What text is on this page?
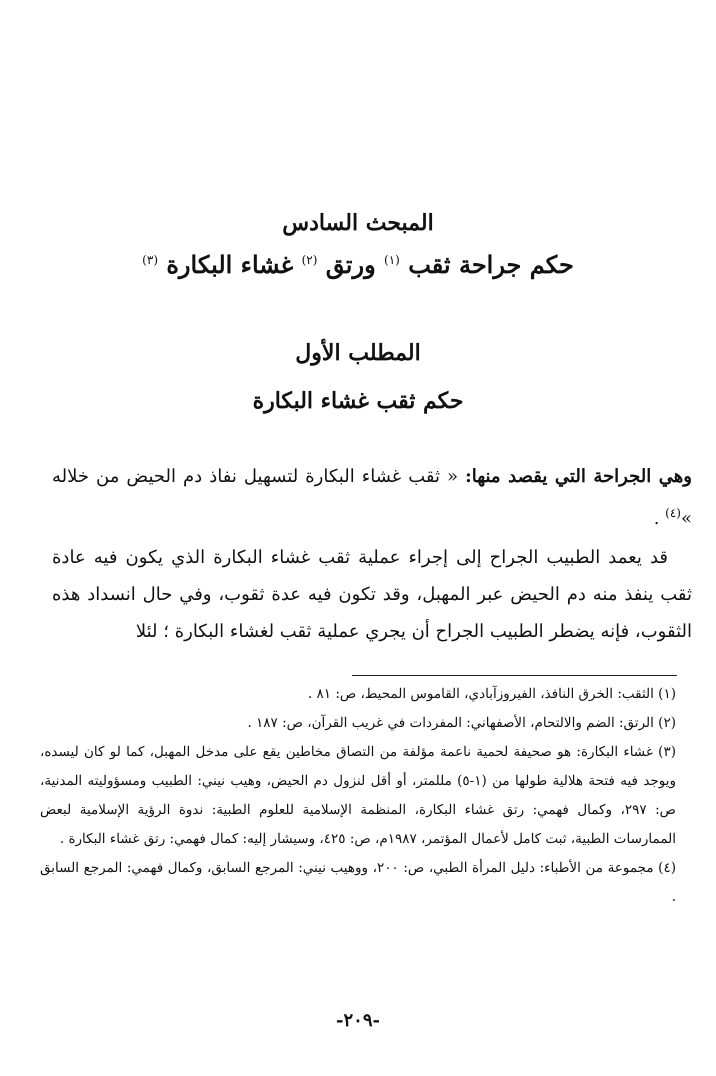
المبحث السادس
حكم جراحة ثقب $^{(١)}$ ورتق $^{(٢)}$ غشاء البكارة $^{(٣)}$
المطلب الأول
حكم ثقب غشاء البكارة

وهي الجراحة التي يقصد منها: « ثقب غشاء البكارة لتسهيل نفاذ دم الحيض من خلاله »$^{(٤)}$ .

قد يعمد الطبيب الجراح إلى إجراء عملية ثقب غشاء البكارة الذي يكون فيه عادة ثقب ينفذ منه دم الحيض عبر المهبل، وقد تكون فيه عدة ثقوب، وفي حال انسداد هذه الثقوب، فإنه يضطر الطبيب الجراح أن يجري عملية ثقب لغشاء البكارة ؛ لئلا

(١) الثقب: الخرق النافذ، الفيروزآبادي، القاموس المحيط، ص: ٨١ .

(٢) الرتق: الضم والالتحام، الأصفهاني: المفردات في غريب القرآن، ص: ١٨٧ .

(٣) غشاء البكارة: هو صحيفة لحمية ناعمة مؤلفة من التصاق مخاطين يقع على مدخل المهبل، كما لو كان ليسده، ويوجد فيه فتحة هلالية طولها من (١-٥) مللمتر، أو أقل لنزول دم الحيض، وهيب نيني: الطبيب ومسؤوليته المدنية، ص: ٢٩٧، وكمال فهمي: رتق غشاء البكارة، المنظمة الإسلامية للعلوم الطبية: ندوة الرؤية الإسلامية لبعض الممارسات الطبية، ثبت كامل لأعمال المؤتمر، ١٩٨٧م، ص: ٤٢٥، وسيشار إليه: كمال فهمي: رتق غشاء البكارة .

(٤) مجموعة من الأطباء: دليل المرأة الطبي، ص: ٢٠٠، ووهيب نيني: المرجع السابق، وكمال فهمي: المرجع السابق .

-٢٠٩-
